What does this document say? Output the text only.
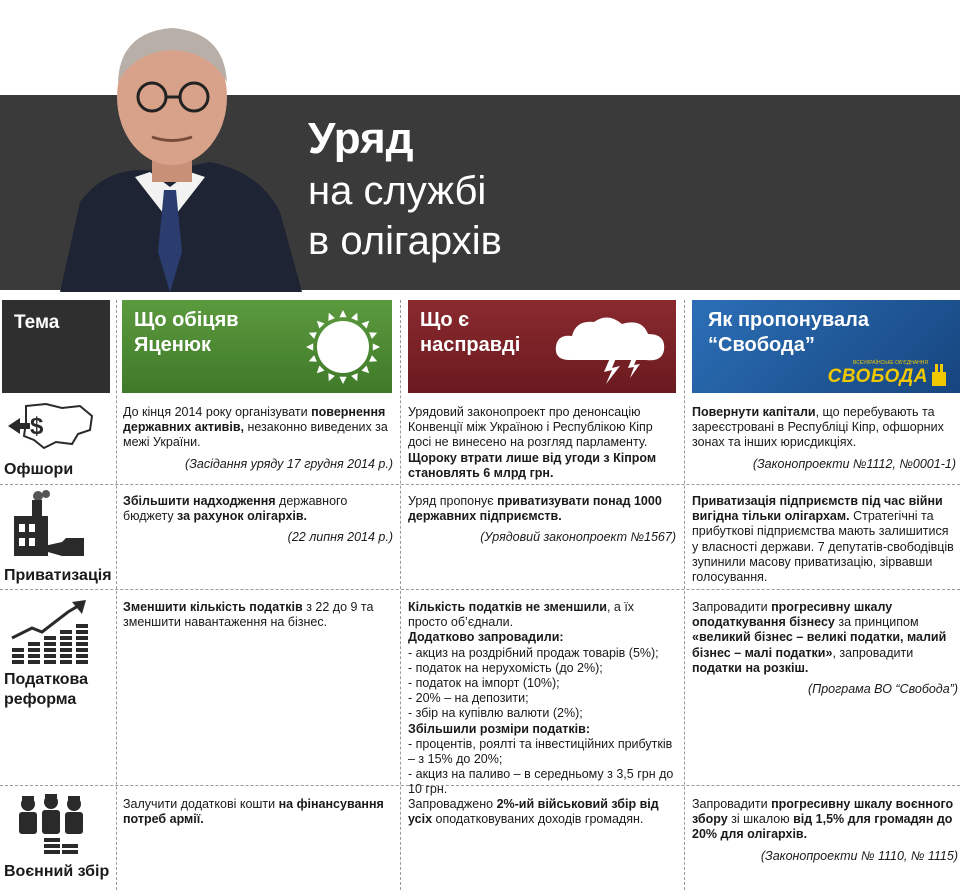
Уряд
на службі
в олігархів
Тема	Що обіцяв
Яценюк
Що є
насправді
Як пропонувала
“Свобода”
ВСЕУКРАЇНСЬКЕ ОБ'ЄДНАННЯ
СВОБОДА
$
Офшори
До кінця 2014 року організувати повернення державних активів, незаконно виведених за межі України.
(Засідання уряду 17 грудня 2014 р.)
Урядовий законопроект про денонсацію Конвенції між Україною і Республікою Кіпр досі не винесено на розгляд парламенту.
Щороку втрати лише від угоди з Кіпром становлять 6 млрд грн.
Повернути капітали, що перебувають та зареєстровані в Республіці Кіпр, офшорних зонах та інших юрисдикціях.
(Законопроекти №1112, №0001-1)
Приватизація
Збільшити надходження державного бюджету за рахунок олігархів.
(22 липня 2014 р.)
Уряд пропонує приватизувати понад 1000 державних підприємств.
(Урядовий законопроект №1567)
Приватизація підприємств під час війни вигідна тільки олігархам. Стратегічні та прибуткові підприємства мають залишитися у власності держави. 7 депутатів-свободівців зупинили масову приватизацію, зірвавши голосування.
Податкова реформа
Зменшити кількість податків з 22 до 9 та зменшити навантаження на бізнес.
Кількість податків не зменшили, а їх просто об’єднали.
Додатково запровадили:
- акциз на роздрібний продаж товарів (5%);
- податок на нерухомість (до 2%);
- податок на імпорт (10%);
- 20% – на депозити;
- збір на купівлю валюти (2%);
Збільшили розміри податків:
- процентів, роялті та інвестиційних прибутків – з 15% до 20%;
- акциз на паливо – в середньому з 3,5 грн до 10 грн.
Запровадити прогресивну шкалу оподаткування бізнесу за принципом «великий бізнес – великі податки, малий бізнес – малі податки», запровадити податки на розкіш.
(Програма ВО “Свобода”)
Воєнний збір
Залучити додаткові кошти на фінансування потреб армії.
Запроваджено 2%-ий військовий збір від усіх оподатковуваних доходів громадян.
Запровадити прогресивну шкалу воєнного збору зі шкалою від 1,5% для громадян до 20% для олігархів.
(Законопроекти № 1110, № 1115)
